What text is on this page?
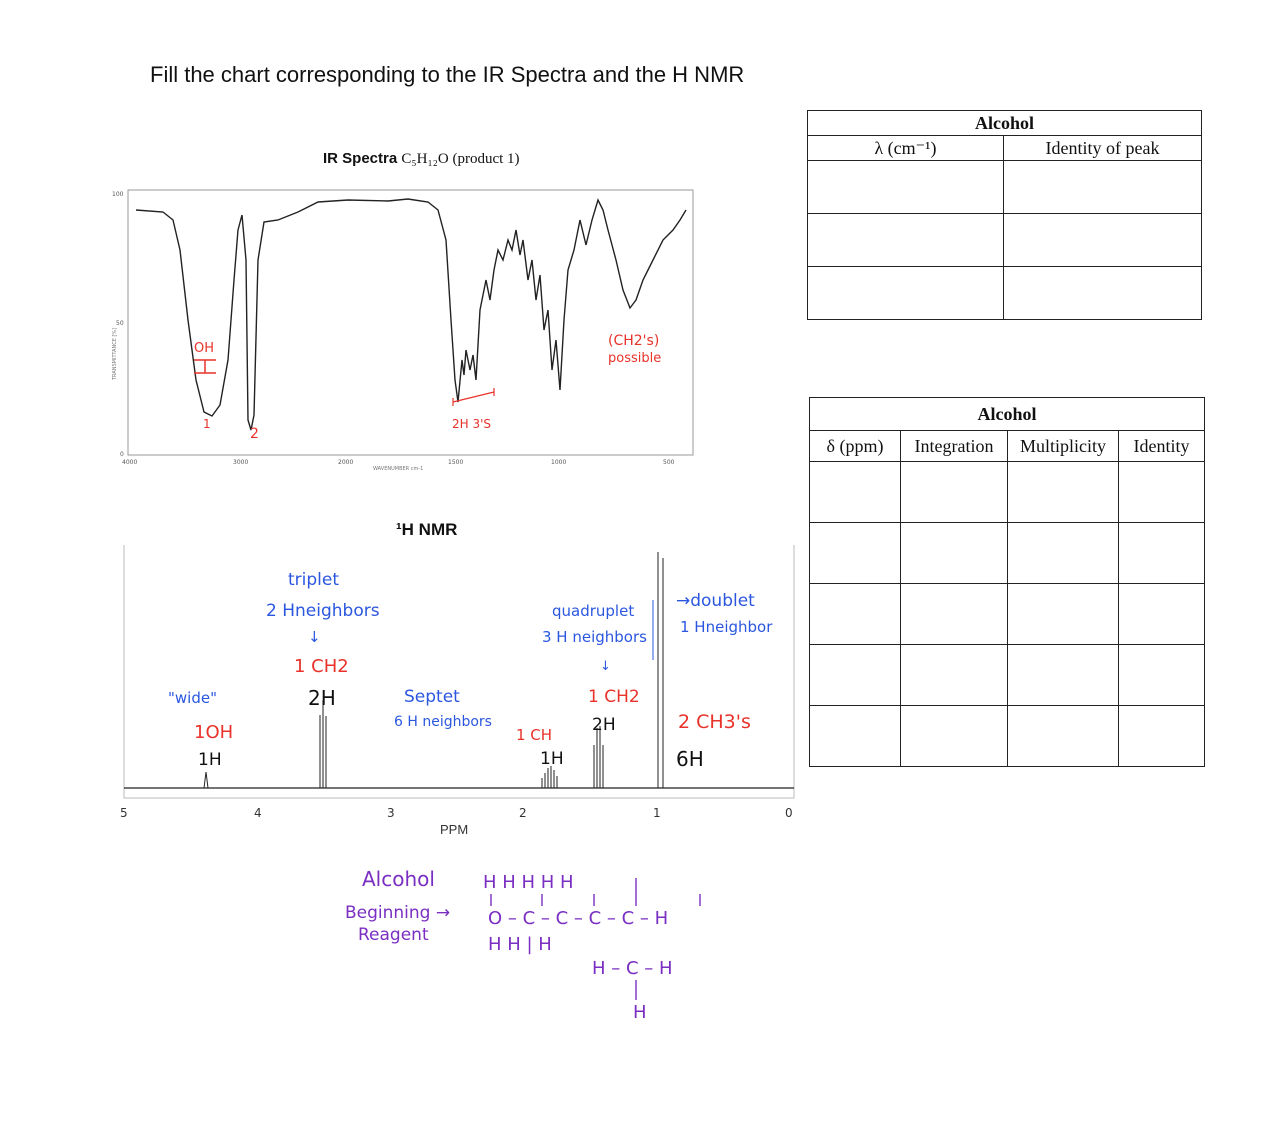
Fill the chart corresponding to the IR Spectra and the H NMR
IR Spectra C₅H₁₂O (product 1)
100
50
0
TRANSMITTANCE [%]
4000	3000	2000	1500	1000	500
WAVENUMBER cm-1
OH
1
2
2H 3'S
(CH2's)
possible
¹H NMR
5	4	3	2	1	0
"wide"
1OH
1H
triplet
2 Hneighbors
↓
1 CH2
2H	Septet
6 H neighbors
1 CH
1H
quadruplet
3 H neighbors
↓
1 CH2
2H
→doublet
1 Hneighbor
2 CH3's
6H
PPM
Alcohol	
λ (cm⁻¹)	Identity of peak

Alcohol			
δ (ppm)	Integration	Multiplicity	Identity

Alcohol
Beginning →
Reagent
H H H H H
O – C – C – C – C – H
H H | H
H – C – H
H
